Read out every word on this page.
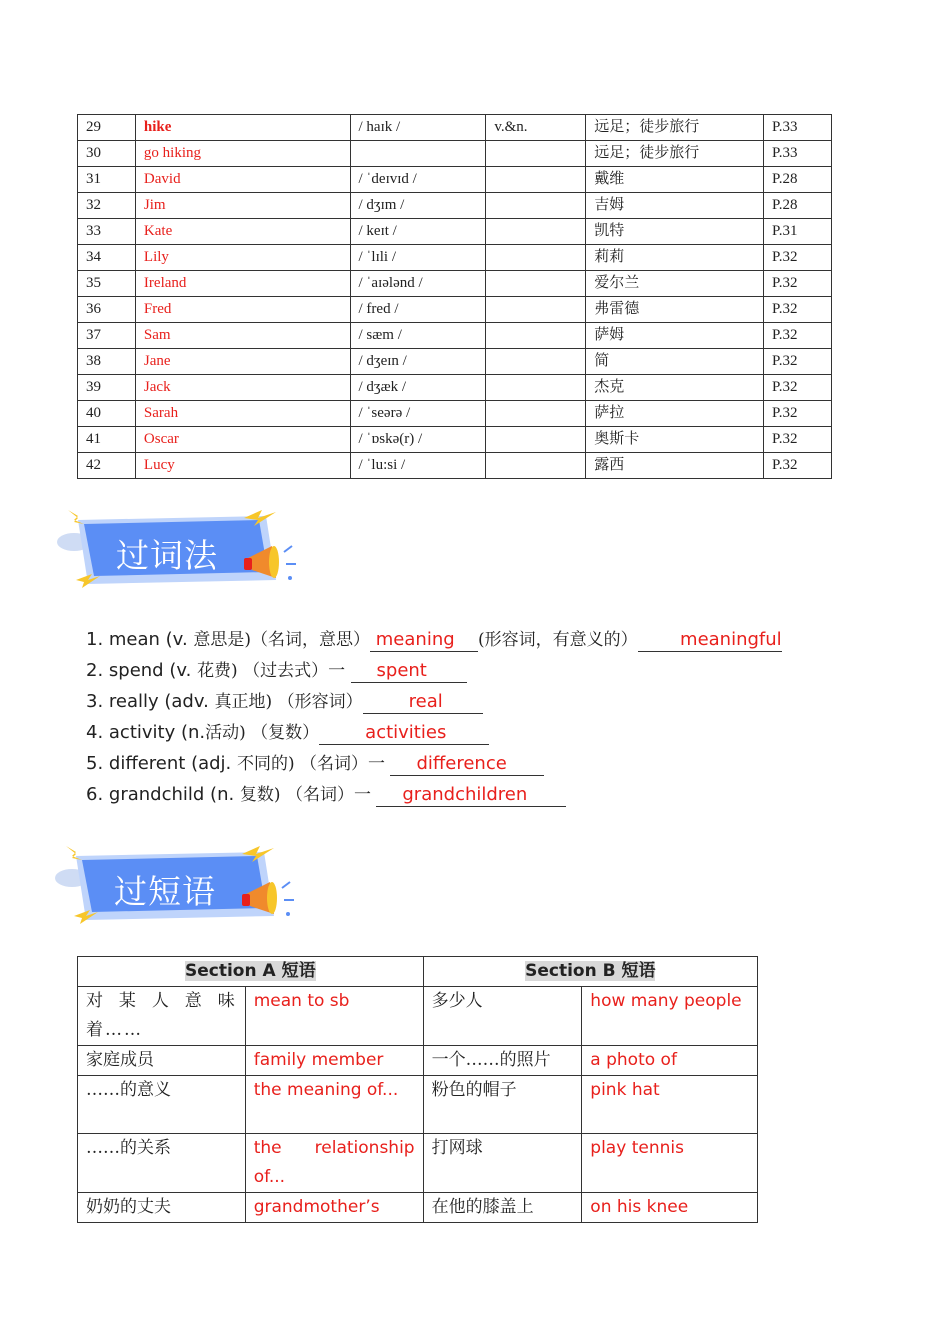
29	hike	/ haɪk /	v.&n.	远足；徒步旅行	P.33
30	go hiking			远足；徒步旅行	P.33
31	David	/ ˈdeɪvɪd /		戴维	P.28
32	Jim	/ dʒɪm /		吉姆	P.28
33	Kate	/ keɪt /		凯特	P.31
34	Lily	/ ˈlɪli /		莉莉	P.32
35	Ireland	/ ˈaɪələnd /		爱尔兰	P.32
36	Fred	/ fred /		弗雷德	P.32
37	Sam	/ sæm /		萨姆	P.32
38	Jane	/ dʒeɪn /		简	P.32
39	Jack	/ dʒæk /		杰克	P.32
40	Sarah	/ ˈseərə /		萨拉	P.32
41	Oscar	/ ˈɒskə(r) /		奥斯卡	P.32
42	Lucy	/ ˈlu:si /		露西	P.32
过词法
1. mean (v. 意思是)（名词，意思） meaning (形容词，有意义的） meaningful
2. spend (v. 花费) （过去式）一 spent
3. really (adv. 真正地) （形容词）	real
4. activity (n.活动) （复数）	activities
5. different (adj. 不同的) （名词）一 difference
6. grandchild (n. 复数) （名词）一 grandchildren
过短语
Section A 短语		Section B 短语	
对某人意味着……	mean to sb	多少人	how many people
家庭成员	family member	一个……的照片	a photo of
……的意义	the meaning of...	粉色的帽子	pink hat
……的关系	the relationship of...	打网球	play tennis
奶奶的丈夫	grandmother’s	在他的膝盖上	on his knee
